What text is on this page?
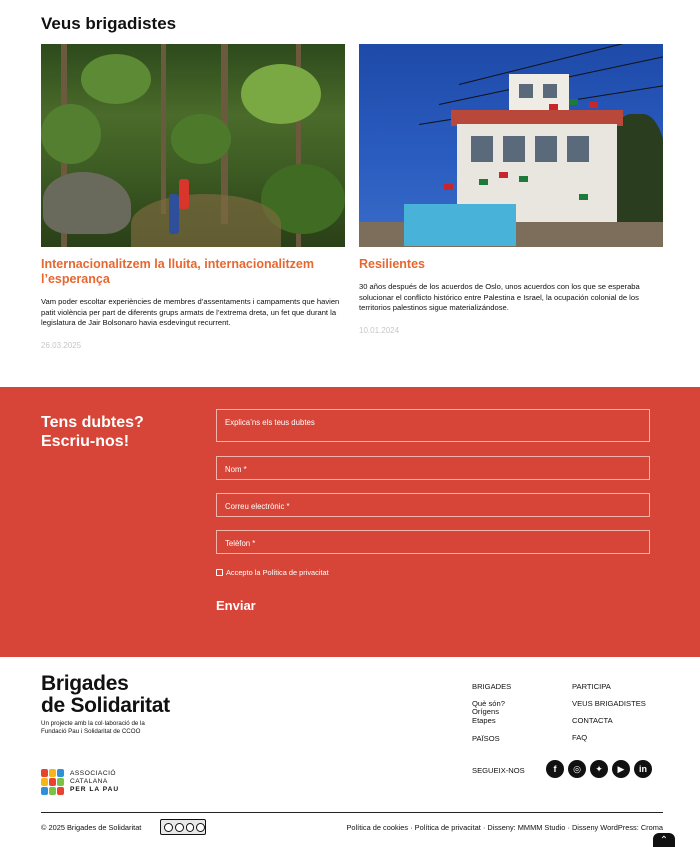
Veus brigadistes
Internacionalitzem la lluita, internacionalitzem l’esperança

Vam poder escoltar experiències de membres d’assentaments i campaments que havien patit violència per part de diferents grups armats de l’extrema dreta, un fet que durant la legislatura de Jair Bolsonaro havia esdevingut recurrent.

26.03.2025
Resilientes

30 años después de los acuerdos de Oslo, unos acuerdos con los que se esperaba solucionar el conflicto histórico entre Palestina e Israel, la ocupación colonial de los territorios palestinos sigue materializándose.

10.01.2024
Tens dubtes?
Escriu-nos!
Explica’ns els teus dubtes
Nom *
Correu electrònic *
Telèfon *
Accepto la Política de privacitat
Enviar
Brigades
de Solidaritat
Un projecte amb la col·laboració de la Fundació Pau i Solidaritat de CCOO
ASSOCIACIÓ
CATALANA
PER LA PAU
BRIGADES
Què són?
Orígens
Etapes
PAÏSOS
PARTICIPA
VEUS BRIGADISTES
CONTACTA
FAQ
SEGUEIX-NOS	f	◎	✦	▶	in
© 2025 Brigades de Solidaritat	Política de cookies · Política de privacitat · Disseny: MMMM Studio · Disseny WordPress: Croma
⌃
